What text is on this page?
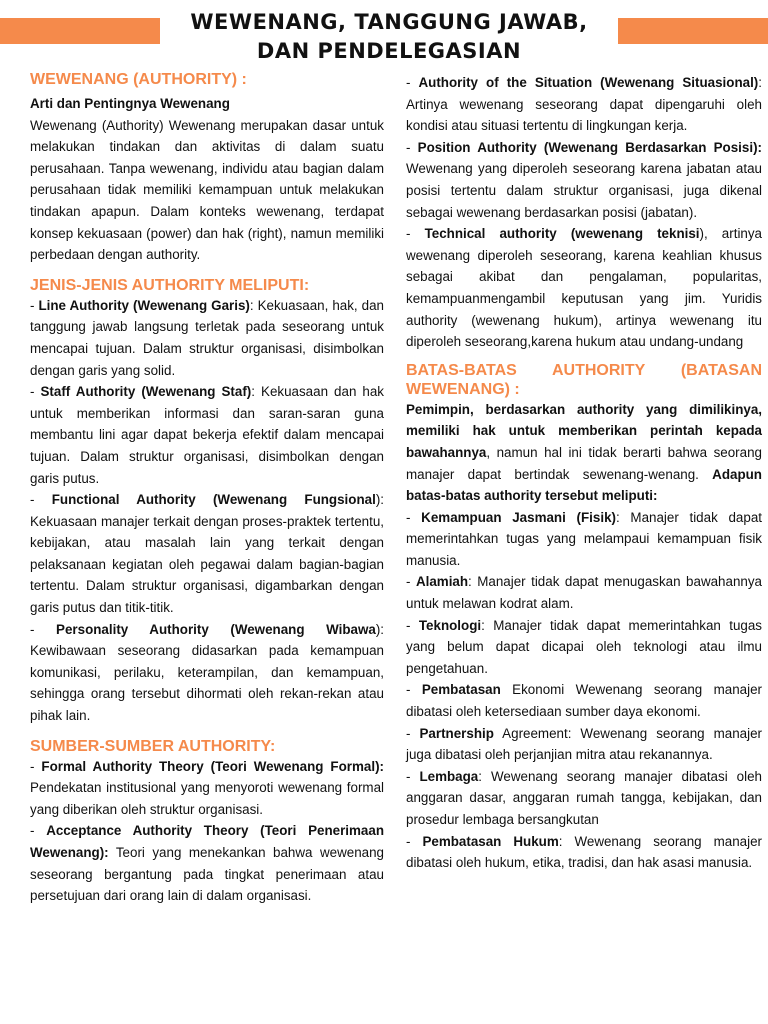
WEWENANG, TANGGUNG JAWAB,
DAN PENDELEGASIAN
WEWENANG (AUTHORITY) :

Arti dan Pentingnya Wewenang

Wewenang (Authority) Wewenang merupakan dasar untuk melakukan tindakan dan aktivitas di dalam suatu perusahaan. Tanpa wewenang, individu atau bagian dalam perusahaan tidak memiliki kemampuan untuk melakukan tindakan apapun. Dalam konteks wewenang, terdapat konsep kekuasaan (power) dan hak (right), namun memiliki perbedaan dengan authority.

JENIS-JENIS AUTHORITY MELIPUTI:

- Line Authority (Wewenang Garis): Kekuasaan, hak, dan tanggung jawab langsung terletak pada seseorang untuk mencapai tujuan. Dalam struktur organisasi, disimbolkan dengan garis yang solid.

- Staff Authority (Wewenang Staf): Kekuasaan dan hak untuk memberikan informasi dan saran-saran guna membantu lini agar dapat bekerja efektif dalam mencapai tujuan. Dalam struktur organisasi, disimbolkan dengan garis putus.

- Functional Authority (Wewenang Fungsional): Kekuasaan manajer terkait dengan proses-praktek tertentu, kebijakan, atau masalah lain yang terkait dengan pelaksanaan kegiatan oleh pegawai dalam bagian-bagian tertentu. Dalam struktur organisasi, digambarkan dengan garis putus dan titik-titik.

- Personality Authority (Wewenang Wibawa): Kewibawaan seseorang didasarkan pada kemampuan komunikasi, perilaku, keterampilan, dan kemampuan, sehingga orang tersebut dihormati oleh rekan-rekan atau pihak lain.

SUMBER-SUMBER AUTHORITY:

- Formal Authority Theory (Teori Wewenang Formal): Pendekatan institusional yang menyoroti wewenang formal yang diberikan oleh struktur organisasi.

- Acceptance Authority Theory (Teori Penerimaan Wewenang): Teori yang menekankan bahwa wewenang seseorang bergantung pada tingkat penerimaan atau persetujuan dari orang lain di dalam organisasi.

- Authority of the Situation (Wewenang Situasional): Artinya wewenang seseorang dapat dipengaruhi oleh kondisi atau situasi tertentu di lingkungan kerja.

- Position Authority (Wewenang Berdasarkan Posisi): Wewenang yang diperoleh seseorang karena jabatan atau posisi tertentu dalam struktur organisasi, juga dikenal sebagai wewenang berdasarkan posisi (jabatan).

- Technical authority (wewenang teknisi), artinya wewenang diperoleh seseorang, karena keahlian khusus sebagai akibat dan pengalaman, popularitas, kemampuanmengambil keputusan yang jim. Yuridis authority (wewenang hukum), artinya wewenang itu diperoleh seseorang,karena hukum atau undang-undang

BATAS-BATAS AUTHORITY (BATASAN WEWENANG) :

Pemimpin, berdasarkan authority yang dimilikinya, memiliki hak untuk memberikan perintah kepada bawahannya, namun hal ini tidak berarti bahwa seorang manajer dapat bertindak sewenang-wenang. Adapun batas-batas authority tersebut meliputi:

- Kemampuan Jasmani (Fisik): Manajer tidak dapat memerintahkan tugas yang melampaui kemampuan fisik manusia.

- Alamiah: Manajer tidak dapat menugaskan bawahannya untuk melawan kodrat alam.

- Teknologi: Manajer tidak dapat memerintahkan tugas yang belum dapat dicapai oleh teknologi atau ilmu pengetahuan.

- Pembatasan Ekonomi Wewenang seorang manajer dibatasi oleh ketersediaan sumber daya ekonomi.

- Partnership Agreement: Wewenang seorang manajer juga dibatasi oleh perjanjian mitra atau rekanannya.

- Lembaga: Wewenang seorang manajer dibatasi oleh anggaran dasar, anggaran rumah tangga, kebijakan, dan prosedur lembaga bersangkutan

- Pembatasan Hukum: Wewenang seorang manajer dibatasi oleh hukum, etika, tradisi, dan hak asasi manusia.
